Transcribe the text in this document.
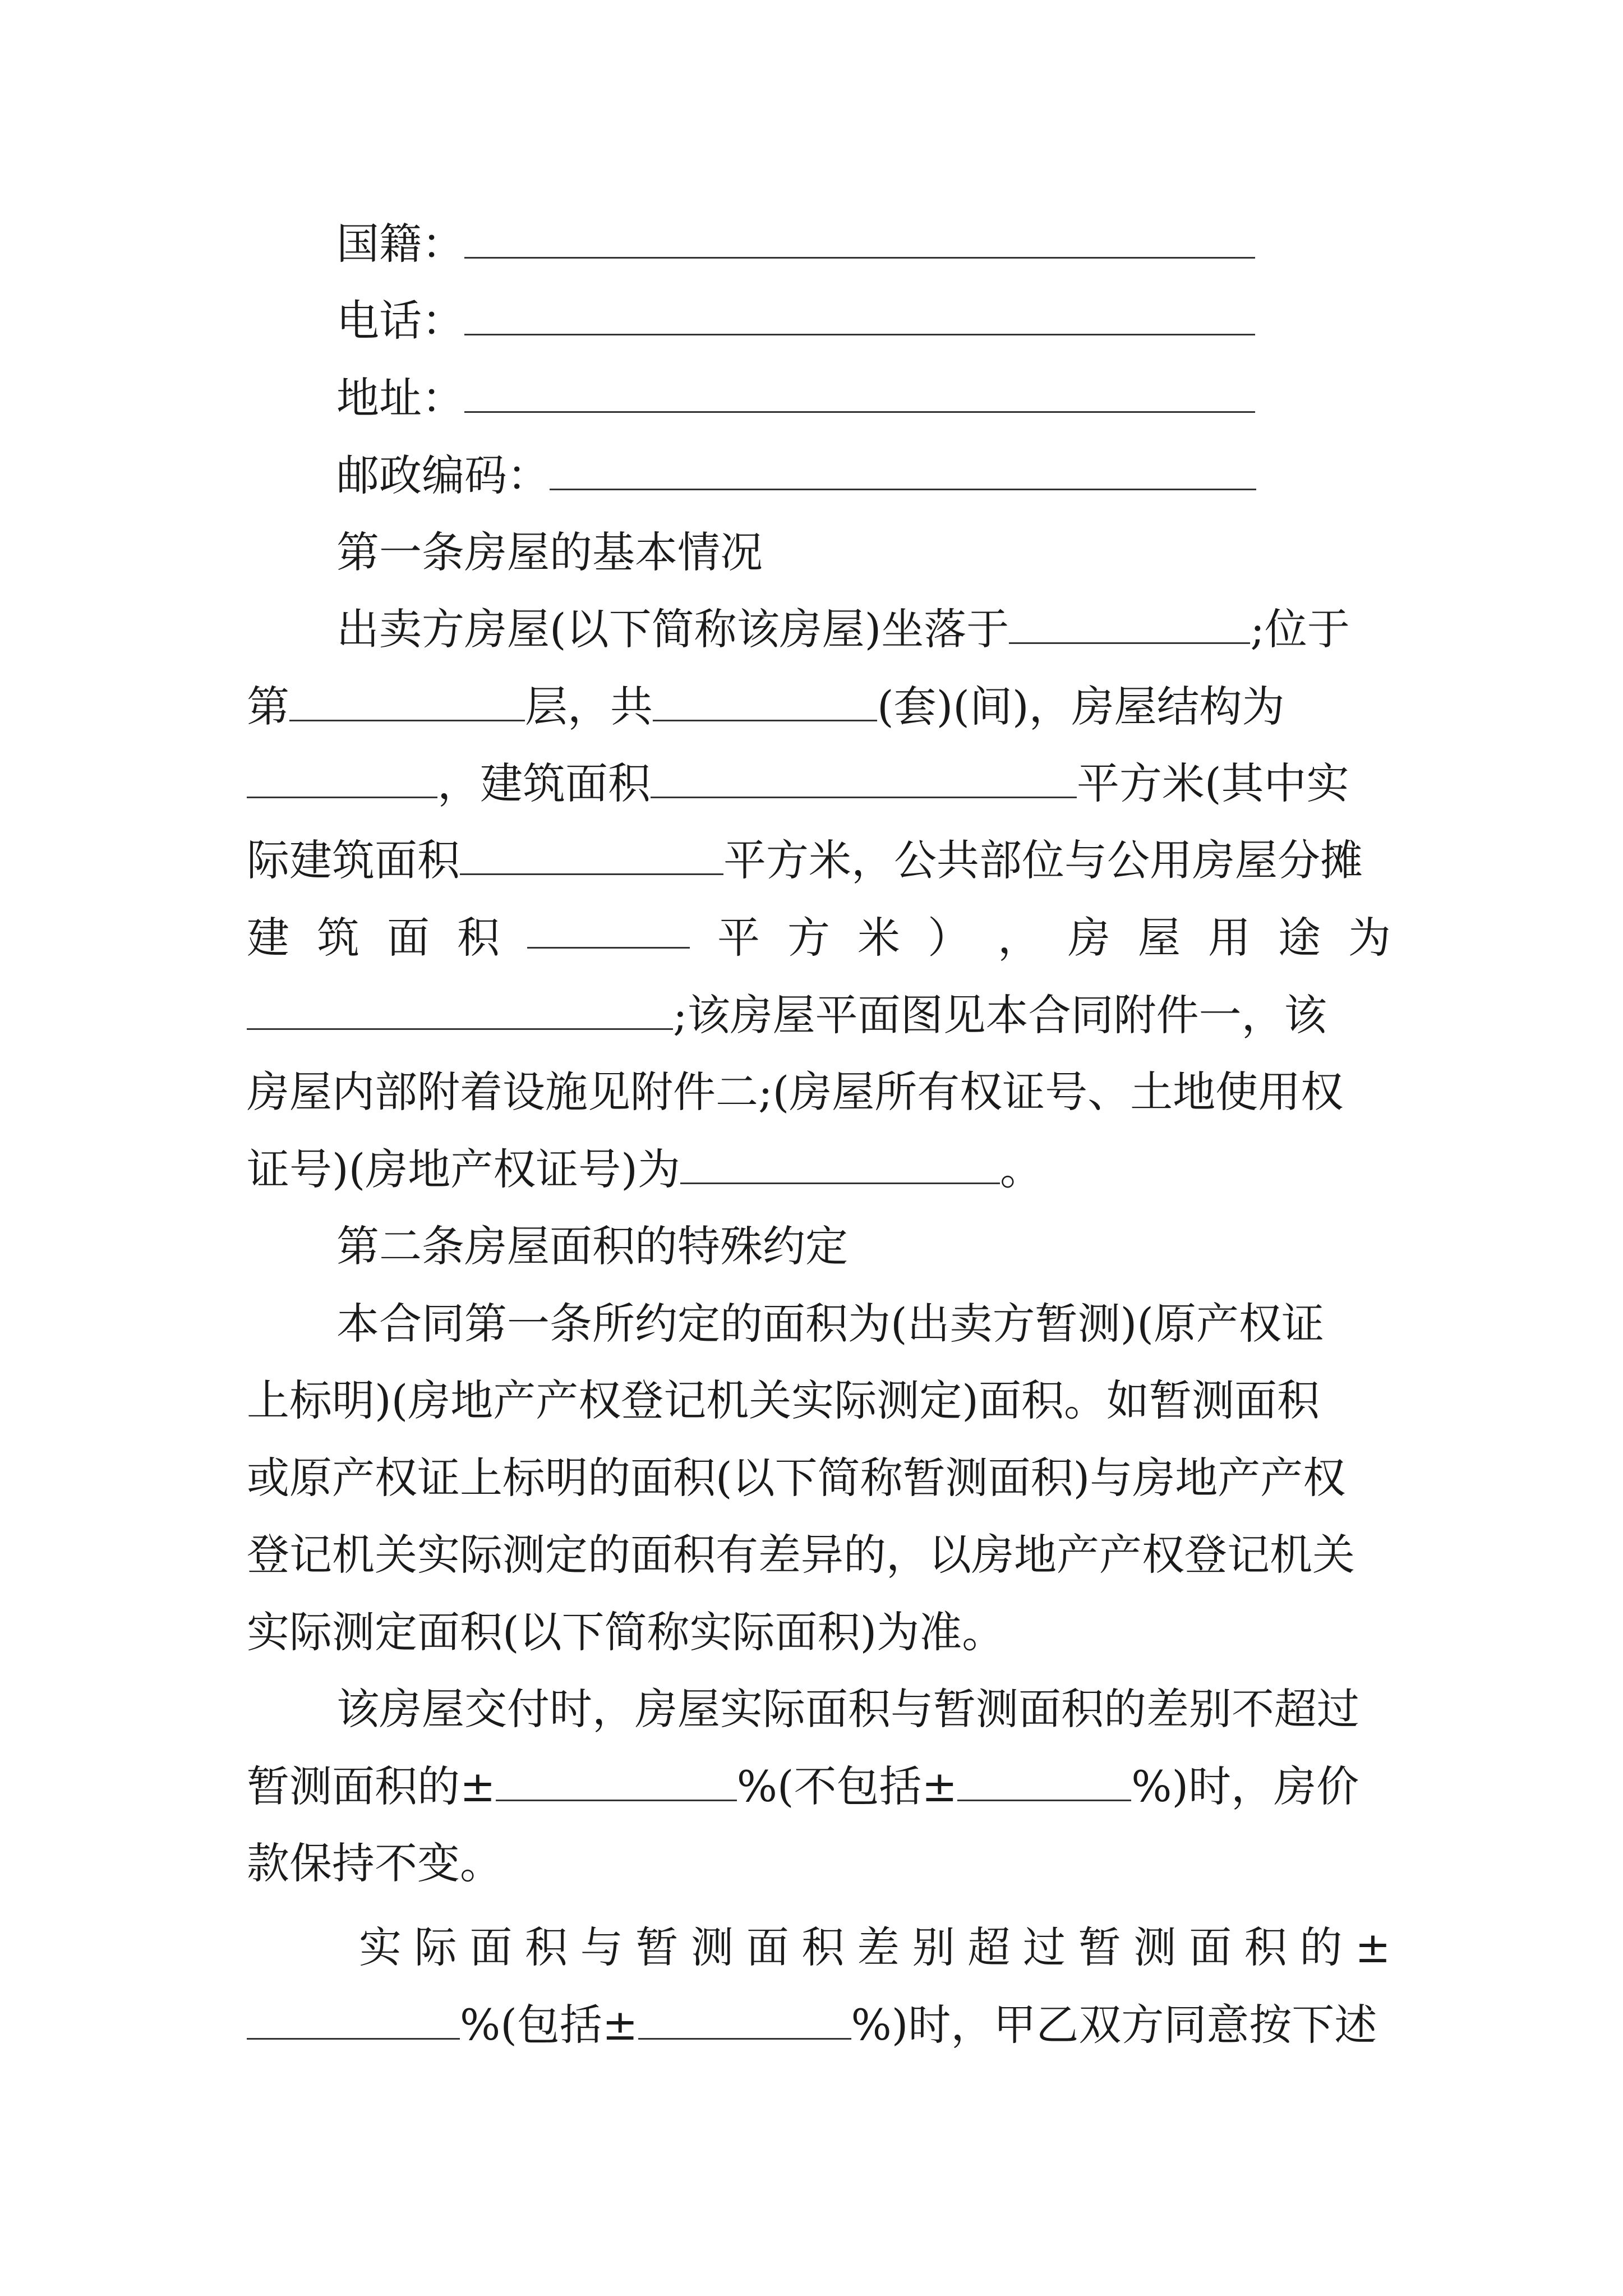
国籍：
电话：
地址：
邮政编码：
第一条房屋的基本情况
出卖方房屋(以下简称该房屋)坐落于	;位于
第	层，共	(套)(间)，房屋结构为
，建筑面积	平方米(其中实
际建筑面积	平方米，公共部位与公用房屋分摊
建 筑 面 积	平 方 米 ） ， 房 屋 用 途 为
;该房屋平面图见本合同附件一，该
房屋内部附着设施见附件二;(房屋所有权证号、土地使用权
证号)(房地产权证号)为	。
第二条房屋面积的特殊约定
本合同第一条所约定的面积为(出卖方暂测)(原产权证
上标明)(房地产产权登记机关实际测定)面积。如暂测面积
或原产权证上标明的面积(以下简称暂测面积)与房地产产权
登记机关实际测定的面积有差异的，以房地产产权登记机关
实际测定面积(以下简称实际面积)为准。
该房屋交付时，房屋实际面积与暂测面积的差别不超过
暂测面积的±	%(不包括±	%)时，房价
款保持不变。
实 际 面 积 与 暂 测 面 积 差 别 超 过 暂 测 面 积 的 ±
%(包括±	%)时，甲乙双方同意按下述
